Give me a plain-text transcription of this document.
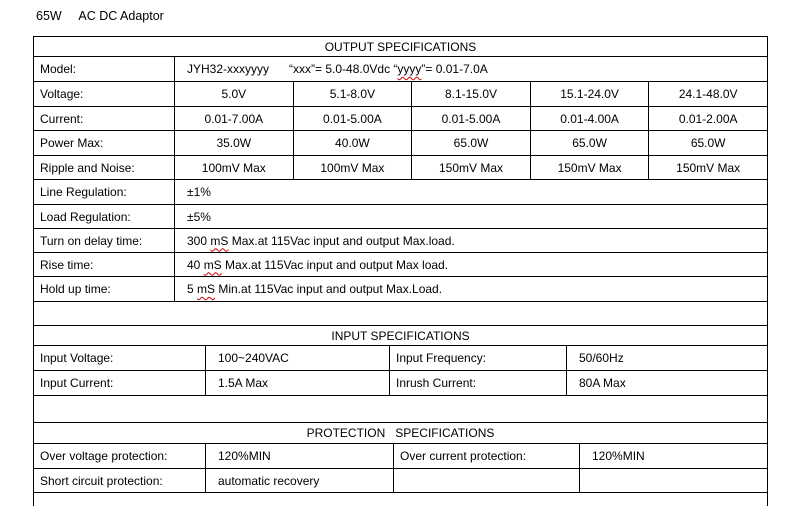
65W     AC DC Adaptor
OUTPUT SPECIFICATIONS
Model:	JYH32-xxxyyyy      “xxx”= 5.0-48.0Vdc “ yyyy ”= 0.01-7.0A
Voltage:	5.0V	5.1-8.0V	8.1-15.0V	15.1-24.0V	24.1-48.0V
Current:	0.01-7.00A	0.01-5.00A	0.01-5.00A	0.01-4.00A	0.01-2.00A
Power Max:	35.0W	40.0W	65.0W	65.0W	65.0W
Ripple and Noise:	100mV Max	100mV Max	150mV Max	150mV Max	150mV Max
Line Regulation:	±1%
Load Regulation:	±5%
Turn on delay time:	300 mS Max.at 115Vac input and output Max.load.
Rise time:	40 mS Max.at 115Vac input and output Max load.
Hold up time:	5 mS Min.at 115Vac input and output Max.Load.
INPUT SPECIFICATIONS
Input Voltage:	100~240VAC	Input Frequency:	50/60Hz
Input Current:	1.5A Max	Inrush Current:	80A Max
PROTECTION   SPECIFICATIONS
Over voltage protection:	120%MIN	Over current protection:	120%MIN
Short circuit protection:	automatic recovery
